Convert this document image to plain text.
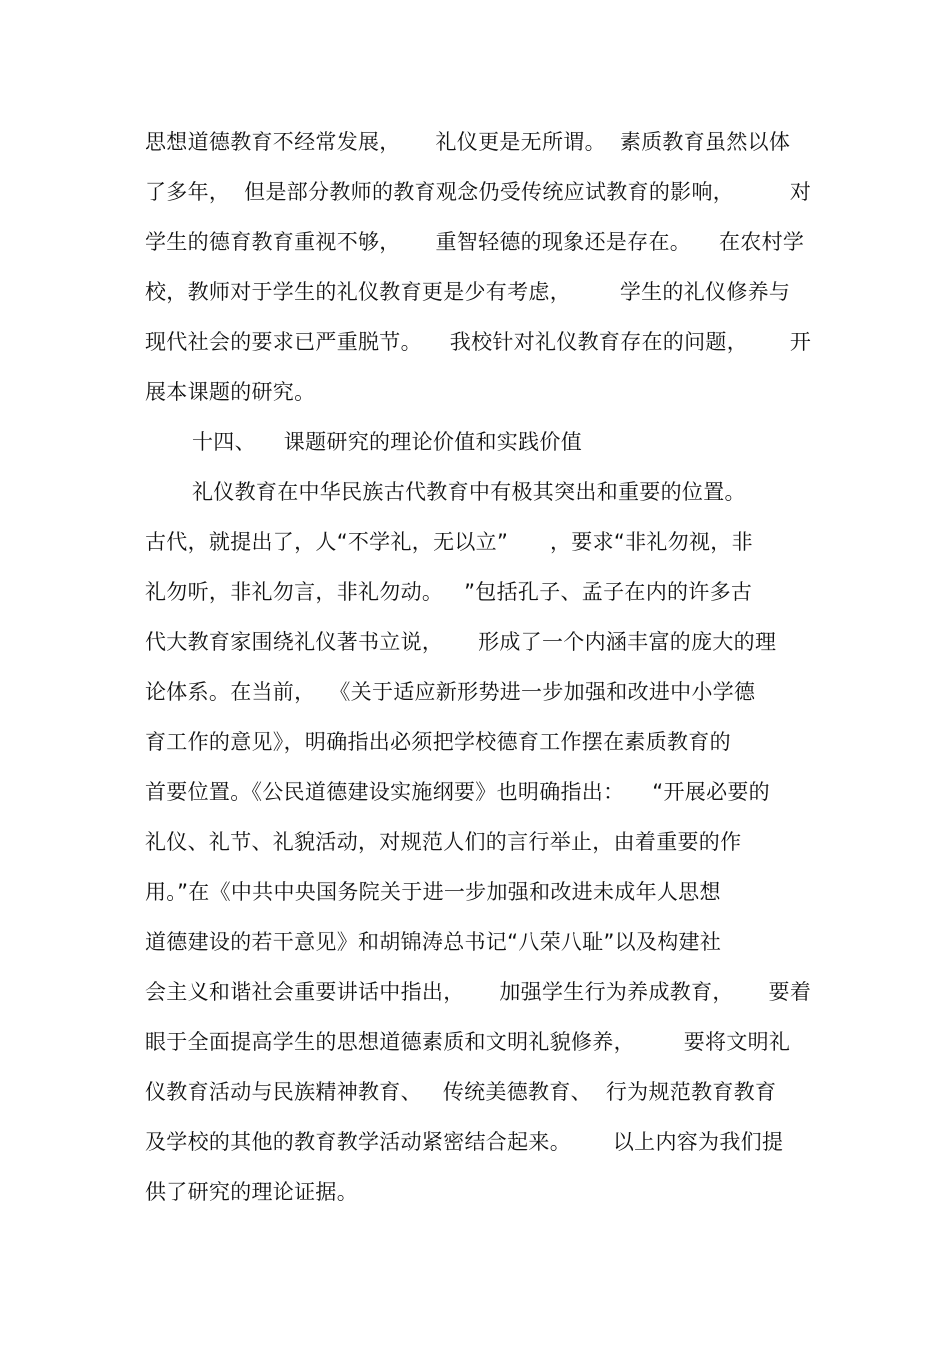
思想道德教育不经常发展，     礼仪更是无所谓。  素质教育虽然以体
了多年，  但是部分教师的教育观念仍受传统应试教育的影响，        对
学生的德育教育重视不够，     重智轻德的现象还是存在。    在农村学
校，教师对于学生的礼仪教育更是少有考虑，       学生的礼仪修养与
现代社会的要求已严重脱节。    我校针对礼仪教育存在的问题，      开
展本课题的研究。
十四、    课题研究的理论价值和实践价值
礼仪教育在中华民族古代教育中有极其突出和重要的位置。
古代，就提出了，人“不学礼，无以立”      ，要求“非礼勿视，非
礼勿听，非礼勿言，非礼勿动。   ”包括孔子、孟子在内的许多古
代大教育家围绕礼仪著书立说，     形成了一个内涵丰富的庞大的理
论体系。在当前，  《关于适应新形势进一步加强和改进中小学德
育工作的意见》，明确指出必须把学校德育工作摆在素质教育的
首要位置。《公民道德建设实施纲要》也明确指出：    “开展必要的
礼仪、礼节、礼貌活动，对规范人们的言行举止，由着重要的作
用。”在《中共中央国务院关于进一步加强和改进未成年人思想
道德建设的若干意见》和胡锦涛总书记“八荣八耻”以及构建社
会主义和谐社会重要讲话中指出，     加强学生行为养成教育，     要着
眼于全面提高学生的思想道德素质和文明礼貌修养，       要将文明礼
仪教育活动与民族精神教育、   传统美德教育、  行为规范教育教育
及学校的其他的教育教学活动紧密结合起来。      以上内容为我们提
供了研究的理论证据。
